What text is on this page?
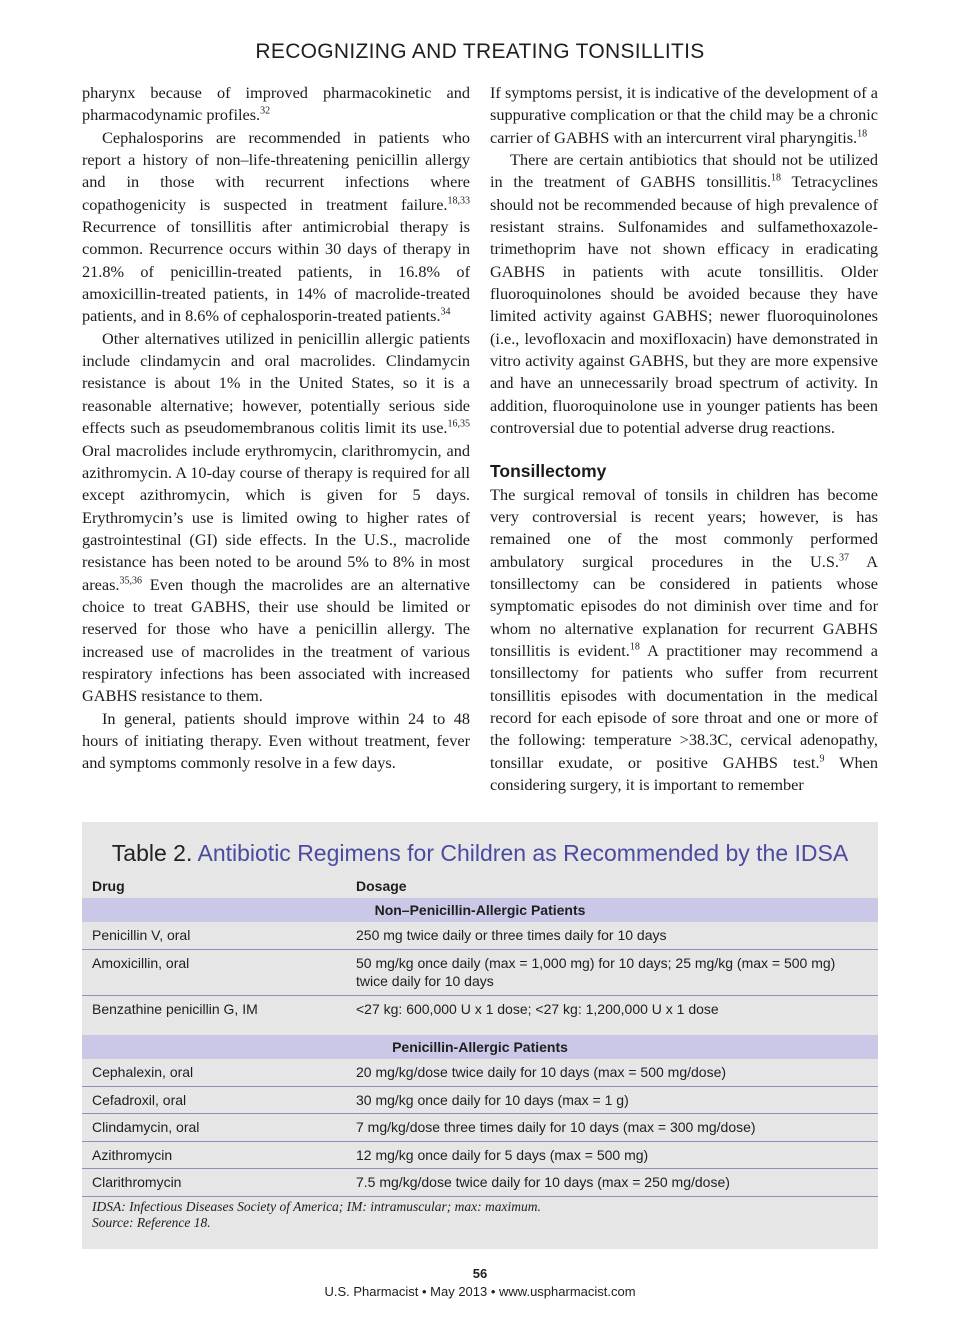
RECOGNIZING AND TREATING TONSILLITIS

pharynx because of improved pharmacokinetic and pharmacodynamic profiles.$^{32}$

Cephalosporins are recommended in patients who report a history of non–life-threatening penicillin allergy and in those with recurrent infections where copathogenicity is suspected in treatment failure.$^{18,33}$ Recurrence of tonsillitis after antimicrobial therapy is common. Recurrence occurs within 30 days of therapy in 21.8% of penicillin-treated patients, in 16.8% of amoxicillin-treated patients, in 14% of macrolide-treated patients, and in 8.6% of cephalosporin-treated patients.$^{34}$

Other alternatives utilized in penicillin allergic patients include clindamycin and oral macrolides. Clindamycin resistance is about 1% in the United States, so it is a reasonable alternative; however, potentially serious side effects such as pseudomembranous colitis limit its use.$^{16,35}$ Oral macrolides include erythromycin, clarithromycin, and azithromycin. A 10-day course of therapy is required for all except azithromycin, which is given for 5 days. Erythromycin’s use is limited owing to higher rates of gastrointestinal (GI) side effects. In the U.S., macrolide resistance has been noted to be around 5% to 8% in most areas.$^{35,36}$ Even though the macrolides are an alternative choice to treat GABHS, their use should be limited or reserved for those who have a penicillin allergy. The increased use of macrolides in the treatment of various respiratory infections has been associated with increased GABHS resistance to them.

In general, patients should improve within 24 to 48 hours of initiating therapy. Even without treatment, fever and symptoms commonly resolve in a few days.

If symptoms persist, it is indicative of the development of a suppurative complication or that the child may be a chronic carrier of GABHS with an intercurrent viral pharyngitis.$^{18}$

There are certain antibiotics that should not be utilized in the treatment of GABHS tonsillitis.$^{18}$ Tetracyclines should not be recommended because of high prevalence of resistant strains. Sulfonamides and sulfamethoxazole-trimethoprim have not shown efficacy in eradicating GABHS in patients with acute tonsillitis. Older fluoroquinolones should be avoided because they have limited activity against GABHS; newer fluoroquinolones (i.e., levofloxacin and moxifloxacin) have demonstrated in vitro activity against GABHS, but they are more expensive and have an unnecessarily broad spectrum of activity. In addition, fluoroquinolone use in younger patients has been controversial due to potential adverse drug reactions.

Tonsillectomy

The surgical removal of tonsils in children has become very controversial is recent years; however, is has remained one of the most commonly performed ambulatory surgical procedures in the U.S.$^{37}$ A tonsillectomy can be considered in patients whose symptomatic episodes do not diminish over time and for whom no alternative explanation for recurrent GABHS tonsillitis is evident.$^{18}$ A practitioner may recommend a tonsillectomy for patients who suffer from recurrent tonsillitis episodes with documentation in the medical record for each episode of sore throat and one or more of the following: temperature >38.3C, cervical adenopathy, tonsillar exudate, or positive GAHBS test.$^9$ When considering surgery, it is important to remember

Table 2. Antibiotic Regimens for Children as Recommended by the IDSA
Drug	Dosage
Non–Penicillin-Allergic Patients
Penicillin V, oral	250 mg twice daily or three times daily for 10 days
Amoxicillin, oral	50 mg/kg once daily (max = 1,000 mg) for 10 days; 25 mg/kg (max = 500 mg) twice daily for 10 days
Benzathine penicillin G, IM	<27 kg: 600,000 U x 1 dose; <27 kg: 1,200,000 U x 1 dose
Penicillin-Allergic Patients
Cephalexin, oral	20 mg/kg/dose twice daily for 10 days (max = 500 mg/dose)
Cefadroxil, oral	30 mg/kg once daily for 10 days (max = 1 g)
Clindamycin, oral	7 mg/kg/dose three times daily for 10 days (max = 300 mg/dose)
Azithromycin	12 mg/kg once daily for 5 days (max = 500 mg)
Clarithromycin	7.5 mg/kg/dose twice daily for 10 days (max = 250 mg/dose)
IDSA: Infectious Diseases Society of America; IM: intramuscular; max: maximum.
Source: Reference 18.
56
U.S. Pharmacist • May 2013 • www.uspharmacist.com
